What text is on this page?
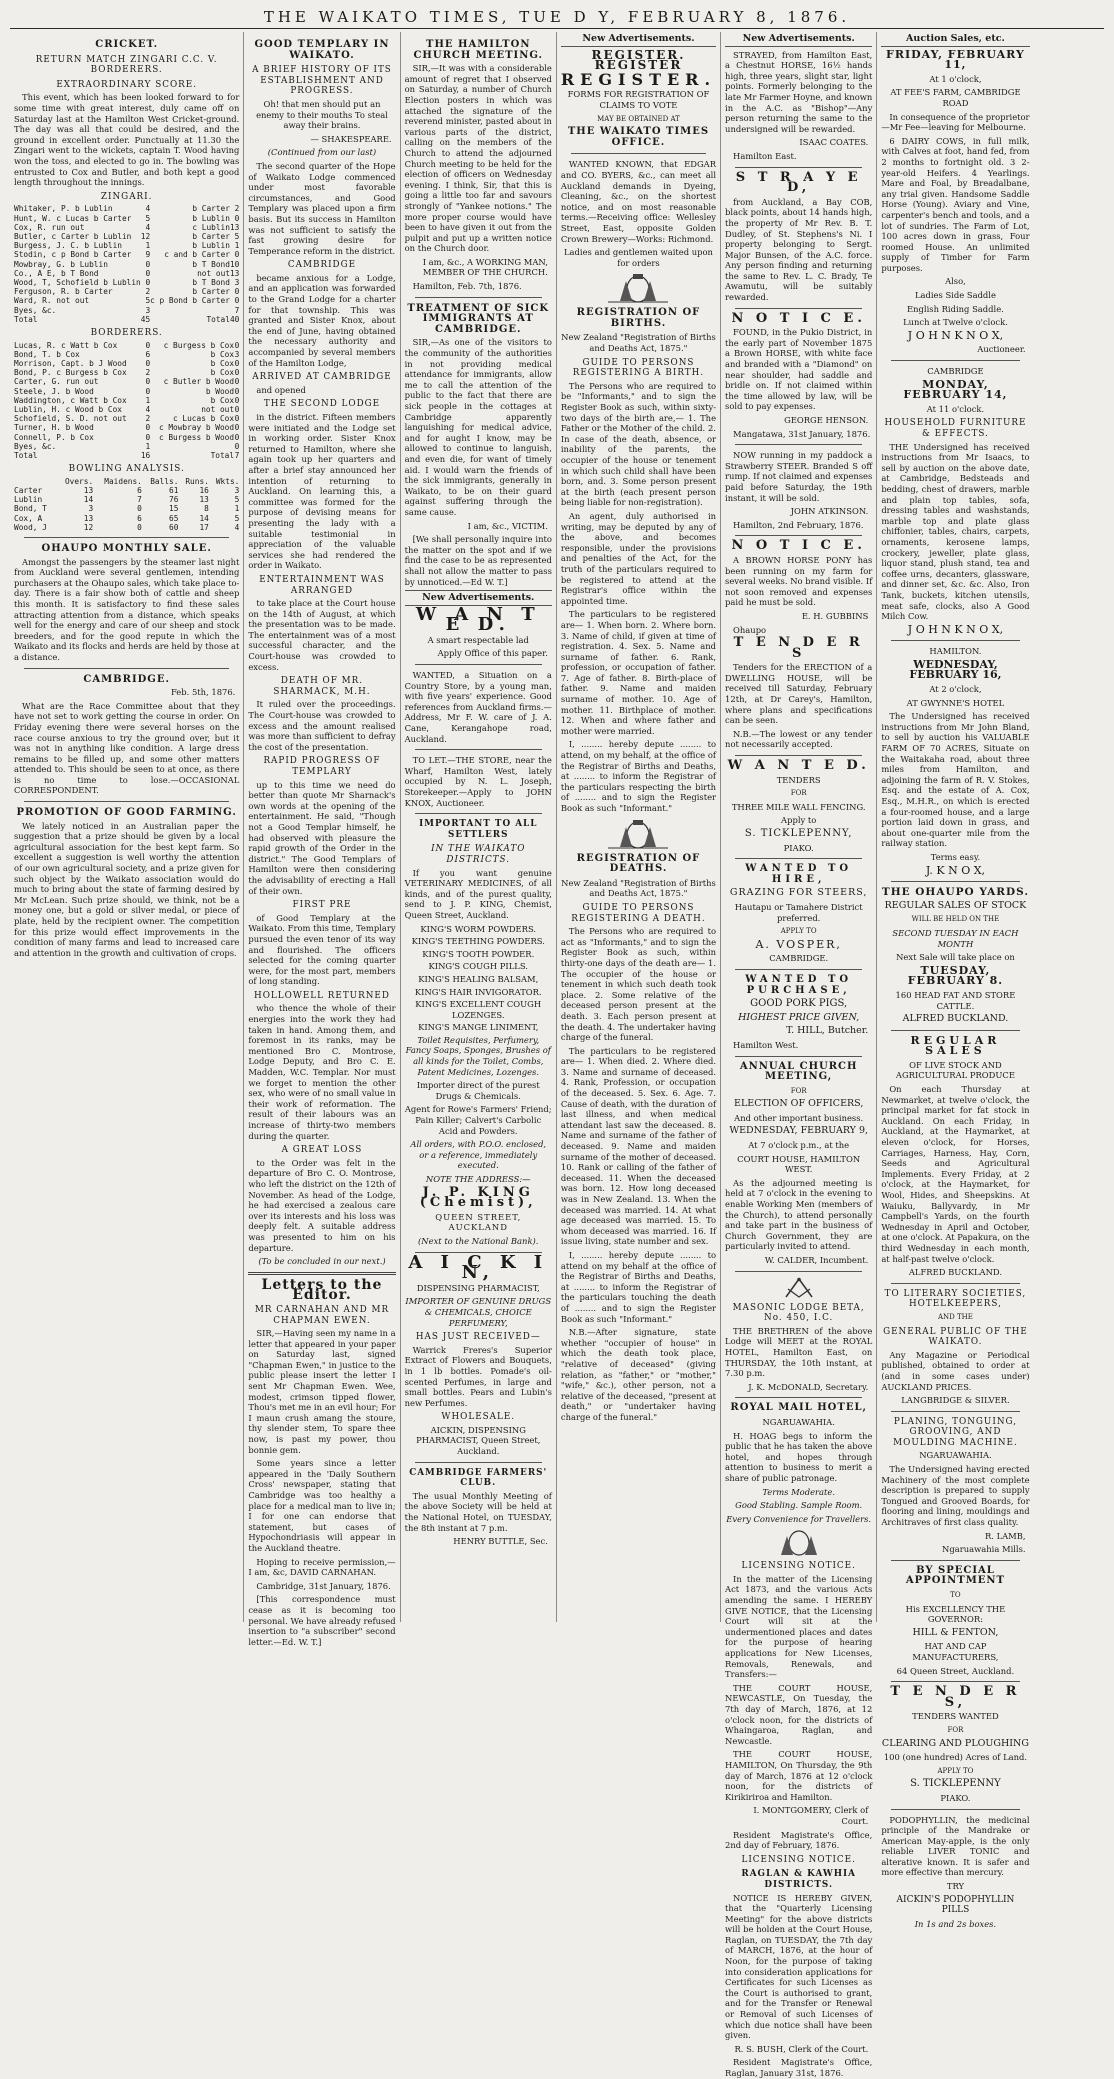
THE WAIKATO TIMES, TUE D Y, FEBRUARY 8, 1876.
CRICKET.
RETURN MATCH ZINGARI C.C. V. BORDERERS.
EXTRAORDINARY SCORE.

This event, which has been looked forward to for some time with great interest, duly came off on Saturday last at the Hamilton West Cricket-ground. The day was all that could be desired, and the ground in excellent order. Punctually at 11.30 the Zingari went to the wickets, captain T. Wood having won the toss, and elected to go in. The bowling was entrusted to Cox and Butler, and both kept a good length throughout the innings.

ZINGARI.
Whitaker, P. b Lublin	4	b Carter	2
Hunt, W. c Lucas b Carter	5	b Lublin	0
Cox, R. run out	4	c Lublin	13
Butler, c Carter b Lublin	12	b Carter	5
Burgess, J. C. b Lublin	1	b Lublin	1
Stodin, c p Bond b Carter	9	c and b Carter	0
Mowbray, G. b Lublin	0	b T Bond	10
Co., A E, b T Bond	0	not out	13
Wood, T, Schofield b Lublin	0	b T Bond	3
Ferguson, R. b Carter	2	b Carter	0
Ward, R. not out	5	c p Bond b Carter	0
Byes, &c.	3		7
Total	45	Total	40
BORDERERS.
Lucas, R. c Watt b Cox	0	c Burgess b Cox	0
Bond, T. b Cox	6	b Cox	3
Morrison, Capt. b J Wood	0	b Cox	0
Bond, P. c Burgess b Cox	2	b Cox	0
Carter, G. run out	0	c Butler b Wood	0
Steele, J. b Wood	0	b Wood	0
Waddington, c Watt b Cox	1	b Cox	0
Lublin, H. c Wood b Cox	4	not out	0
Schofield, S. D. not out	2	c Lucas b Cox	0
Turner, H. b Wood	0	c Mowbray b Wood	0
Connell, P. b Cox	0	c Burgess b Wood	0
Byes, &c.	1		0
Total	16	Total	7
BOWLING ANALYSIS.
	Overs.	Maidens.	Balls.	Runs.	Wkts.
Carter	13	6	61	16	3
Lublin	14	7	76	13	5
Bond, T	3	0	15	8	1
Cox, A	13	6	65	14	5
Wood, J	12	0	60	17	4
OHAUPO MONTHLY SALE.

Amongst the passengers by the steamer last night from Auckland were several gentlemen, intending purchasers at the Ohaupo sales, which take place to-day. There is a fair show both of cattle and sheep this month. It is satisfactory to find these sales attracting attention from a distance, which speaks well for the energy and care of our sheep and stock breeders, and for the good repute in which the Waikato and its flocks and herds are held by those at a distance.

CAMBRIDGE.

Feb. 5th, 1876.

What are the Race Committee about that they have not set to work getting the course in order. On Friday evening there were several horses on the race course anxious to try the ground over, but it was not in anything like condition. A large dress remains to be filled up, and some other matters attended to. This should be seen to at once, as there is no time to lose.—OCCASIONAL CORRESPONDENT.

PROMOTION OF GOOD FARMING.

We lately noticed in an Australian paper the suggestion that a prize should be given by a local agricultural association for the best kept farm. So excellent a suggestion is well worthy the attention of our own agricultural society, and a prize given for such object by the Waikato association would do much to bring about the state of farming desired by Mr McLean. Such prize should, we think, not be a money one, but a gold or silver medal, or piece of plate, held by the recipient owner. The competition for this prize would effect improvements in the condition of many farms and lead to increased care and attention in the growth and cultivation of crops.

GOOD TEMPLARY IN WAIKATO.
A BRIEF HISTORY OF ITS ESTABLISHMENT AND PROGRESS.

Oh! that men should put an enemy to their mouths To steal away their brains.

— SHAKESPEARE.

(Continued from our last)

The second quarter of the Hope of Waikato Lodge commenced under most favorable circumstances, and Good Templary was placed upon a firm basis. But its success in Hamilton was not sufficient to satisfy the fast growing desire for Temperance reform in the district.

CAMBRIDGE

became anxious for a Lodge, and an application was forwarded to the Grand Lodge for a charter for that township. This was granted and Sister Knox, about the end of June, having obtained the necessary authority and accompanied by several members of the Hamilton Lodge,

ARRIVED AT CAMBRIDGE

and opened

THE SECOND LODGE

in the district. Fifteen members were initiated and the Lodge set in working order. Sister Knox returned to Hamilton, where she again took up her quarters and after a brief stay announced her intention of returning to Auckland. On learning this, a committee was formed for the purpose of devising means for presenting the lady with a suitable testimonial in appreciation of the valuable services she had rendered the order in Waikato.

ENTERTAINMENT WAS ARRANGED

to take place at the Court house on the 14th of August, at which the presentation was to be made. The entertainment was of a most successful character, and the Court-house was crowded to excess.

DEATH OF MR. SHARMACK, M.H.

It ruled over the proceedings. The Court-house was crowded to excess and the amount realised was more than sufficient to defray the cost of the presentation.

RAPID PROGRESS OF TEMPLARY

up to this time we need do better than quote Mr Sharnack's own words at the opening of the entertainment. He said, "Though not a Good Templar himself, he had observed with pleasure the rapid growth of the Order in the district." The Good Templars of Hamilton were then considering the advisability of erecting a Hall of their own.

FIRST PRE

of Good Templary at the Waikato. From this time, Templary pursued the even tenor of its way and flourished. The officers selected for the coming quarter were, for the most part, members of long standing.

HOLLOWELL RETURNED

who thence the whole of their energies into the work they had taken in hand. Among them, and foremost in its ranks, may be mentioned Bro C. Montrose, Lodge Deputy, and Bro C. E. Madden, W.C. Templar. Nor must we forget to mention the other sex, who were of no small value in their work of reformation. The result of their labours was an increase of thirty-two members during the quarter.

A GREAT LOSS

to the Order was felt in the departure of Bro C. O. Montrose, who left the district on the 12th of November. As head of the Lodge, he had exercised a zealous care over its interests and his loss was deeply felt. A suitable address was presented to him on his departure.

(To be concluded in our next.)

Letters to the Editor.
MR CARNAHAN AND MR CHAPMAN EWEN.

SIR,—Having seen my name in a letter that appeared in your paper on Saturday last, signed "Chapman Ewen," in justice to the public please insert the letter I sent Mr Chapman Ewen. Wee, modest, crimson tipped flower, Thou's met me in an evil hour; For I maun crush amang the stoure, thy slender stem, To spare thee now, is past my power, thou bonnie gem.

Some years since a letter appeared in the 'Daily Southern Cross' newspaper, stating that Cambridge was too healthy a place for a medical man to live in; I for one can endorse that statement, but cases of Hypochondriasis will appear in the Auckland theatre.

Hoping to receive permission,—I am, &c, DAVID CARNAHAN.

Cambridge, 31st January, 1876.

[This correspondence must cease as it is becoming too personal. We have already refused insertion to "a subscriber" second letter.—Ed. W. T.]

THE HAMILTON CHURCH MEETING.

SIR,—It was with a considerable amount of regret that I observed on Saturday, a number of Church Election posters in which was attached the signature of the reverend minister, pasted about in various parts of the district, calling on the members of the Church to attend the adjourned Church meeting to be held for the election of officers on Wednesday evening. I think, Sir, that this is going a little too far and savours strongly of "Yankee notions." The more proper course would have been to have given it out from the pulpit and put up a written notice on the Church door.

I am, &c., A WORKING MAN, MEMBER OF THE CHURCH.

Hamilton, Feb. 7th, 1876.

TREATMENT OF SICK IMMIGRANTS AT CAMBRIDGE.

SIR,—As one of the visitors to the community of the authorities in not providing medical attendance for immigrants, allow me to call the attention of the public to the fact that there are sick people in the cottages at Cambridge apparently languishing for medical advice, and for aught I know, may be allowed to continue to languish, and even die, for want of timely aid. I would warn the friends of the sick immigrants, generally in Waikato, to be on their guard against suffering through the same cause.

I am, &c., VICTIM.

[We shall personally inquire into the matter on the spot and if we find the case to be as represented shall not allow the matter to pass by unnoticed.—Ed W. T.]

New Advertisements.
W A N T E D.

A smart respectable lad

Apply Office of this paper.

WANTED, a Situation on a Country Store, by a young man, with five years' experience. Good references from Auckland firms.—Address, Mr F. W. care of J. A. Cane, Kerangahope road, Auckland.

TO LET.—THE STORE, near the Wharf, Hamilton West, lately occupied by N. L. Joseph, Storekeeper.—Apply to JOHN KNOX, Auctioneer.

IMPORTANT TO ALL SETTLERS
IN THE WAIKATO DISTRICTS.

If you want genuine VETERINARY MEDICINES, of all kinds, and of the purest quality, send to J. P. KING, Chemist, Queen Street, Auckland.

KING'S WORM POWDERS.

KING'S TEETHING POWDERS.

KING'S TOOTH POWDER.

KING'S COUGH PILLS.

KING'S HEALING BALSAM,

KING'S HAIR INVIGORATOR.

KING'S EXCELLENT COUGH LOZENGES.

KING'S MANGE LINIMENT,

Toilet Requisites, Perfumery, Fancy Soaps, Sponges, Brushes of all kinds for the Toilet, Combs, Patent Medicines, Lozenges.

Importer direct of the purest Drugs & Chemicals.

Agent for Rowe's Farmers' Friend; Pain Killer; Calvert's Carbolic Acid and Powders.

All orders, with P.O.O. enclosed, or a reference, immediately executed.

NOTE THE ADDRESS:—

J. P. KING (Chemist),

QUEEN STREET, AUCKLAND

(Next to the National Bank).

A I C K I N,

DISPENSING PHARMACIST,

IMPORTER OF GENUINE DRUGS & CHEMICALS, CHOICE PERFUMERY,

HAS JUST RECEIVED—

Warrick Freres's Superior Extract of Flowers and Bouquets, in 1 lb bottles. Pomade's oil-scented Perfumes, in large and small bottles. Pears and Lubin's new Perfumes.

WHOLESALE.

AICKIN, DISPENSING PHARMACIST, Queen Street, Auckland.

CAMBRIDGE FARMERS' CLUB.

The usual Monthly Meeting of the above Society will be held at the National Hotel, on TUESDAY, the 8th instant at 7 p.m.

HENRY BUTTLE, Sec.

New Advertisements.
REGISTER. REGISTER
REGISTER.

FORMS FOR REGISTRATION OF CLAIMS TO VOTE

MAY BE OBTAINED AT

THE WAIKATO TIMES OFFICE.

WANTED KNOWN, that EDGAR and CO. BYERS, &c., can meet all Auckland demands in Dyeing, Cleaning, &c., on the shortest notice, and on most reasonable terms.—Receiving office: Wellesley Street, East, opposite Golden Crown Brewery—Works: Richmond.

Ladies and gentlemen waited upon for orders

REGISTRATION OF BIRTHS.

New Zealand "Registration of Births and Deaths Act, 1875."

GUIDE TO PERSONS REGISTERING A BIRTH.

The Persons who are required to be "Informants," and to sign the Register Book as such, within sixty-two days of the birth are,— 1. The Father or the Mother of the child. 2. In case of the death, absence, or inability of the parents, the occupier of the house or tenement in which such child shall have been born, and. 3. Some person present at the birth (each present person being liable for non-registration).

An agent, duly authorised in writing, may be deputed by any of the above, and becomes responsible, under the provisions and penalties of the Act, for the truth of the particulars required to be registered to attend at the Registrar's office within the appointed time.

The particulars to be registered are— 1. When born. 2. Where born. 3. Name of child, if given at time of registration. 4. Sex. 5. Name and surname of father. 6. Rank, profession, or occupation of father. 7. Age of father. 8. Birth-place of father. 9. Name and maiden surname of mother. 10. Age of mother. 11. Birthplace of mother. 12. When and where father and mother were married.

I, ........ hereby depute ........ to attend, on my behalf, at the office of the Registrar of Births and Deaths, at ........ to inform the Registrar of the particulars respecting the birth of ........ and to sign the Register Book as such "Informant."

REGISTRATION OF DEATHS.

New Zealand "Registration of Births and Deaths Act, 1875."

GUIDE TO PERSONS REGISTERING A DEATH.

The Persons who are required to act as "Informants," and to sign the Register Book as such, within thirty-one days of the death are— 1. The occupier of the house or tenement in which such death took place. 2. Some relative of the deceased person present at the death. 3. Each person present at the death. 4. The undertaker having charge of the funeral.

The particulars to be registered are— 1. When died. 2. Where died. 3. Name and surname of deceased. 4. Rank, Profession, or occupation of the deceased. 5. Sex. 6. Age. 7. Cause of death, with the duration of last illness, and when medical attendant last saw the deceased. 8. Name and surname of the father of deceased. 9. Name and maiden surname of the mother of deceased. 10. Rank or calling of the father of deceased. 11. When the deceased was born. 12. How long deceased was in New Zealand. 13. When the deceased was married. 14. At what age deceased was married. 15. To whom deceased was married. 16. If issue living, state number and sex.

I, ........ hereby depute ........ to attend on my behalf at the office of the Registrar of Births and Deaths, at ........ to inform the Registrar of the particulars touching the death of ........ and to sign the Register Book as such "Informant."

N.B.—After signature, state whether "occupier of house" in which the death took place, "relative of deceased" (giving relation, as "father," or "mother," "wife," &c.), other person, not a relative of the deceased, "present at death," or "undertaker having charge of the funeral."

New Advertisements.

STRAYED, from Hamilton East, a Chestnut HORSE, 16½ hands high, three years, slight star, light points. Formerly belonging to the late Mr Farmer Hoyne, and known in the A.C. as "Bishop"—Any person returning the same to the undersigned will be rewarded.

ISAAC COATES.

Hamilton East.

S T R A Y E D,

from Auckland, a Bay COB, black points, about 14 hands high, the property of Mr Rev. B. T. Dudley, of St. Stephens's Ni. I property belonging to Sergt. Major Bunsen, of the A.C. force. Any person finding and returning the same to Rev. L. C. Brady, Te Awamutu, will be suitably rewarded.

N O T I C E.

FOUND, in the Pukio District, in the early part of November 1875 a Brown HORSE, with white face and branded with a "Diamond" on near shoulder, had saddle and bridle on. If not claimed within the time allowed by law, will be sold to pay expenses.

GEORGE HENSON.

Mangatawa, 31st January, 1876.

NOW running in my paddock a Strawberry STEER. Branded S off rump. If not claimed and expenses paid before Saturday, the 19th instant, it will be sold.

JOHN ATKINSON.

Hamilton, 2nd February, 1876.

N O T I C E.

A BROWN HORSE PONY has been running on my farm for several weeks. No brand visible. If not soon removed and expenses paid he must be sold.

E. H. GUBBINS

Ohaupo

T E N D E R S

Tenders for the ERECTION of a DWELLING HOUSE, will be received till Saturday, February 12th, at Dr Carey's, Hamilton, where plans and specifications can be seen.

N.B.—The lowest or any tender not necessarily accepted.

W A N T E D.

TENDERS

FOR

THREE MILE WALL FENCING.

Apply to

S. TICKLEPENNY,

PIAKO.

WANTED TO HIRE,

GRAZING FOR STEERS,

Hautapu or Tamahere District preferred.

APPLY TO

A. VOSPER,

CAMBRIDGE.

WANTED TO PURCHASE,

GOOD PORK PIGS,

HIGHEST PRICE GIVEN,

T. HILL, Butcher.

Hamilton West.

ANNUAL CHURCH MEETING,

FOR

ELECTION OF OFFICERS,

And other important business.

WEDNESDAY, FEBRUARY 9,

At 7 o'clock p.m., at the

COURT HOUSE, HAMILTON WEST.

As the adjourned meeting is held at 7 o'clock in the evening to enable Working Men (members of the Church), to attend personally and take part in the business of Church Government, they are particularly invited to attend.

W. CALDER, Incumbent.

MASONIC LODGE BETA, No. 450, I.C.

THE BRETHREN of the above Lodge will MEET at the ROYAL HOTEL, Hamilton East, on THURSDAY, the 10th instant, at 7.30 p.m.

J. K. McDONALD, Secretary.

ROYAL MAIL HOTEL,

NGARUAWAHIA.

H. HOAG begs to inform the public that he has taken the above hotel, and hopes through attention to business to merit a share of public patronage.

Terms Moderate.

Good Stabling. Sample Room.

Every Convenience for Travellers.

LICENSING NOTICE.

In the matter of the Licensing Act 1873, and the various Acts amending the same. I HEREBY GIVE NOTICE, that the Licensing Court will sit at the undermentioned places and dates for the purpose of hearing applications for New Licenses, Removals, Renewals, and Transfers:—

THE COURT HOUSE, NEWCASTLE, On Tuesday, the 7th day of March, 1876, at 12 o'clock noon, for the districts of Whaingaroa, Raglan, and Newcastle.

THE COURT HOUSE, HAMILTON, On Thursday, the 9th day of March, 1876 at 12 o'clock noon, for the districts of Kirikiriroa and Hamilton.

I. MONTGOMERY, Clerk of Court.

Resident Magistrate's Office, 2nd day of February, 1876.

LICENSING NOTICE.
RAGLAN & KAWHIA DISTRICTS.

NOTICE IS HEREBY GIVEN, that the "Quarterly Licensing Meeting" for the above districts will be holden at the Court House, Raglan, on TUESDAY, the 7th day of MARCH, 1876, at the hour of Noon, for the purpose of taking into consideration applications for Certificates for such Licenses as the Court is authorised to grant, and for the Transfer or Renewal or Removal of such Licenses of which due notice shall have been given.

R. S. BUSH, Clerk of the Court.

Resident Magistrate's Office, Raglan, January 31st, 1876.

Auction Sales, etc.
FRIDAY, FEBRUARY 11,

At 1 o'clock,

AT FEE'S FARM, CAMBRIDGE ROAD

In consequence of the proprietor—Mr Fee—leaving for Melbourne.

6 DAIRY COWS, in full milk, with Calves at foot, hand fed, from 2 months to fortnight old. 3 2-year-old Heifers. 4 Yearlings. Mare and Foal, by Breadalbane, any trial given. Handsome Saddle Horse (Young). Aviary and Vine, carpenter's bench and tools, and a lot of sundries. The Farm of Lot, 100 acres down in grass, Four roomed House. An unlimited supply of Timber for Farm purposes.

Also,

Ladies Side Saddle

English Riding Saddle.

Lunch at Twelve o'clock.

J O H N K N O X,

Auctioneer.

CAMBRIDGE

MONDAY, FEBRUARY 14,

At 11 o'clock.

HOUSEHOLD FURNITURE & EFFECTS.

THE Undersigned has received instructions from Mr Isaacs, to sell by auction on the above date, at Cambridge, Bedsteads and bedding, chest of drawers, marble and plain top tables, sofa, dressing tables and washstands, marble top and plate glass chiffonier, tables, chairs, carpets, ornaments, kerosene lamps, crockery, jeweller, plate glass, liquor stand, plush stand, tea and coffee urns, decanters, glassware, and dinner set, &c. &c. Also, Iron Tank, buckets, kitchen utensils, meat safe, clocks, also A Good Milch Cow.

J O H N K N O X,

HAMILTON.

WEDNESDAY, FEBRUARY 16,

At 2 o'clock,

AT GWYNNE'S HOTEL

The Undersigned has received instructions from Mr John Bland, to sell by auction his VALUABLE FARM OF 70 ACRES, Situate on the Waitakaha road, about three miles from Hamilton, and adjoining the farm of R. V. Stokes, Esq. and the estate of A. Cox, Esq., M.H.R., on which is erected a four-roomed house, and a large portion laid down in grass, and about one-quarter mile from the railway station.

Terms easy.

J. K N O X,

THE OHAUPO YARDS.

REGULAR SALES OF STOCK

WILL BE HELD ON THE

SECOND TUESDAY IN EACH MONTH

Next Sale will take place on

TUESDAY, FEBRUARY 8.

160 HEAD FAT AND STORE CATTLE.

ALFRED BUCKLAND.

REGULAR SALES

OF LIVE STOCK AND AGRICULTURAL PRODUCE

On each Thursday at Newmarket, at twelve o'clock, the principal market for fat stock in Auckland. On each Friday, in Auckland, at the Haymarket, at eleven o'clock, for Horses, Carriages, Harness, Hay, Corn, Seeds and Agricultural Implements. Every Friday, at 2 o'clock, at the Haymarket, for Wool, Hides, and Sheepskins. At Waiuku, Ballyvardy, in Mr Campbell's Yards, on the fourth Wednesday in April and October, at one o'clock. At Papakura, on the third Wednesday in each month, at half-past twelve o'clock.

ALFRED BUCKLAND.

TO LITERARY SOCIETIES, HOTELKEEPERS,

AND THE

GENERAL PUBLIC OF THE WAIKATO.

Any Magazine or Periodical published, obtained to order at (and in some cases under) AUCKLAND PRICES.

LANGBRIDGE & SILVER.

PLANING, TONGUING, GROOVING, AND MOULDING MACHINE.

NGARUAWAHIA.

The Undersigned having erected Machinery of the most complete description is prepared to supply Tongued and Grooved Boards, for flooring and lining, mouldings and Architraves of first class quality.

R. LAMB,

Ngaruawahia Mills.

BY SPECIAL APPOINTMENT

TO

His EXCELLENCY THE GOVERNOR:

HILL & FENTON,

HAT AND CAP MANUFACTURERS,

64 Queen Street, Auckland.

T E N D E R S,

TENDERS WANTED

FOR

CLEARING AND PLOUGHING

100 (one hundred) Acres of Land.

APPLY TO

S. TICKLEPENNY

PIAKO.

PODOPHYLLIN, the medicinal principle of the Mandrake or American May-apple, is the only reliable LIVER TONIC and alterative known. It is safer and more effective than mercury.

TRY

AICKIN'S PODOPHYLLIN PILLS

In 1s and 2s boxes.
